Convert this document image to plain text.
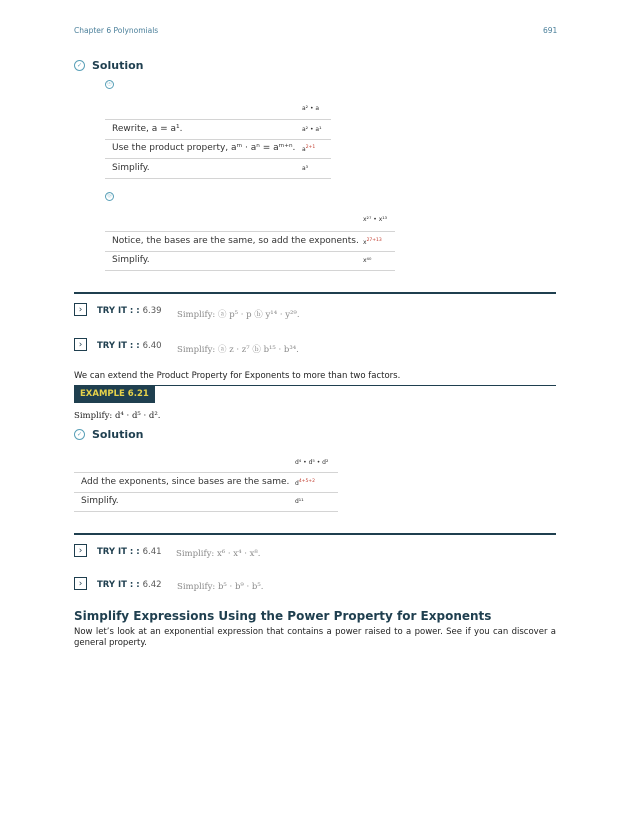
Chapter 6 Polynomials	691
✓ Solution
ⓐ
a² • a
Rewrite, a = a¹.	a² • a¹
Use the product property, aᵐ · aⁿ = aᵐ⁺ⁿ. $a^{2+1}$
Simplify.	a³
ⓑ
x²⁷ • x¹³
Notice, the bases are the same, so add the exponents. $x^{27+13}$
Simplify.	x⁴⁰
›	TRY IT : : 6.39 Simplify: ⓐ p⁵ · p ⓑ y¹⁴ · y²⁹.
›	TRY IT : : 6.40 Simplify: ⓐ z · z⁷ ⓑ b¹⁵ · b³⁴.
We can extend the Product Property for Exponents to more than two factors.
EXAMPLE 6.21
Simplify: d⁴ · d⁵ · d².
✓ Solution
d⁴ • d⁵ • d²
Add the exponents, since bases are the same. $d^{4+5+2}$
Simplify.	d¹¹
›	TRY IT : : 6.41 Simplify: x⁶ · x⁴ · x⁸.
›	TRY IT : : 6.42 Simplify: b⁵ · b⁹ · b⁵.
Simplify Expressions Using the Power Property for Exponents
Now let’s look at an exponential expression that contains a power raised to a power. See if you can discover a general property.
